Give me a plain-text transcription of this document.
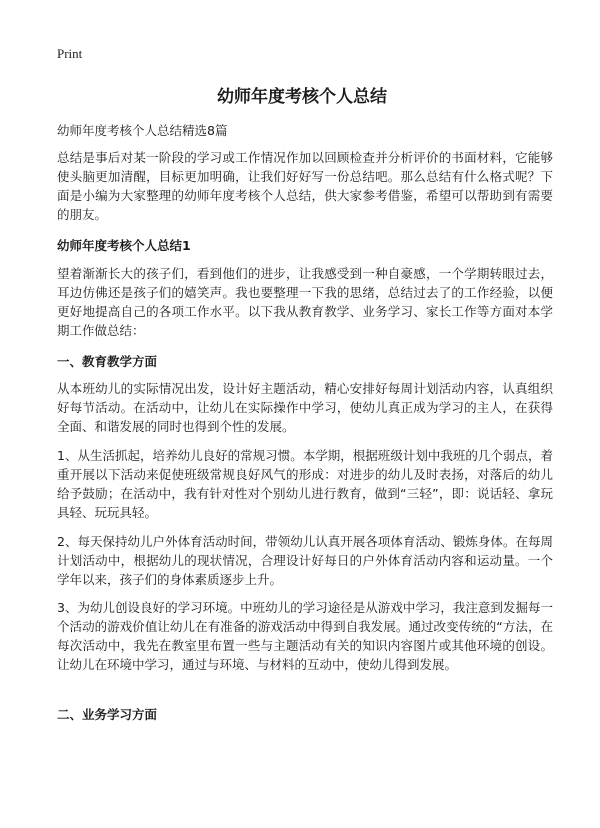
Print
幼师年度考核个人总结

幼师年度考核个人总结精选8篇

总结是事后对某一阶段的学习或工作情况作加以回顾检查并分析评价的书面材料，它能够使头脑更加清醒，目标更加明确，让我们好好写一份总结吧。那么总结有什么格式呢？下面是小编为大家整理的幼师年度考核个人总结，供大家参考借鉴，希望可以帮助到有需要的朋友。

幼师年度考核个人总结1

望着渐渐长大的孩子们，看到他们的进步，让我感受到一种自豪感，一个学期转眼过去，耳边仿佛还是孩子们的嬉笑声。我也要整理一下我的思绪，总结过去了的工作经验，以便更好地提高自己的各项工作水平。以下我从教育教学、业务学习、家长工作等方面对本学期工作做总结：

一、教育教学方面

从本班幼儿的实际情况出发，设计好主题活动，精心安排好每周计划活动内容，认真组织好每节活动。在活动中，让幼儿在实际操作中学习，使幼儿真正成为学习的主人，在获得全面、和谐发展的同时也得到个性的发展。

1、从生活抓起，培养幼儿良好的常规习惯。本学期，根据班级计划中我班的几个弱点，着重开展以下活动来促使班级常规良好风气的形成：对进步的幼儿及时表扬，对落后的幼儿给予鼓励；在活动中，我有针对性对个别幼儿进行教育，做到“三轻”，即：说话轻、拿玩具轻、玩玩具轻。

2、每天保持幼儿户外体育活动时间，带领幼儿认真开展各项体育活动、锻炼身体。在每周计划活动中，根据幼儿的现状情况，合理设计好每日的户外体育活动内容和运动量。一个学年以来，孩子们的身体素质逐步上升。

3、为幼儿创设良好的学习环境。中班幼儿的学习途径是从游戏中学习，我注意到发掘每一个活动的游戏价值让幼儿在有准备的游戏活动中得到自我发展。通过改变传统的“方法，在每次活动中，我先在教室里布置一些与主题活动有关的知识内容图片或其他环境的创设。让幼儿在环境中学习，通过与环境、与材料的互动中，使幼儿得到发展。

二、业务学习方面
